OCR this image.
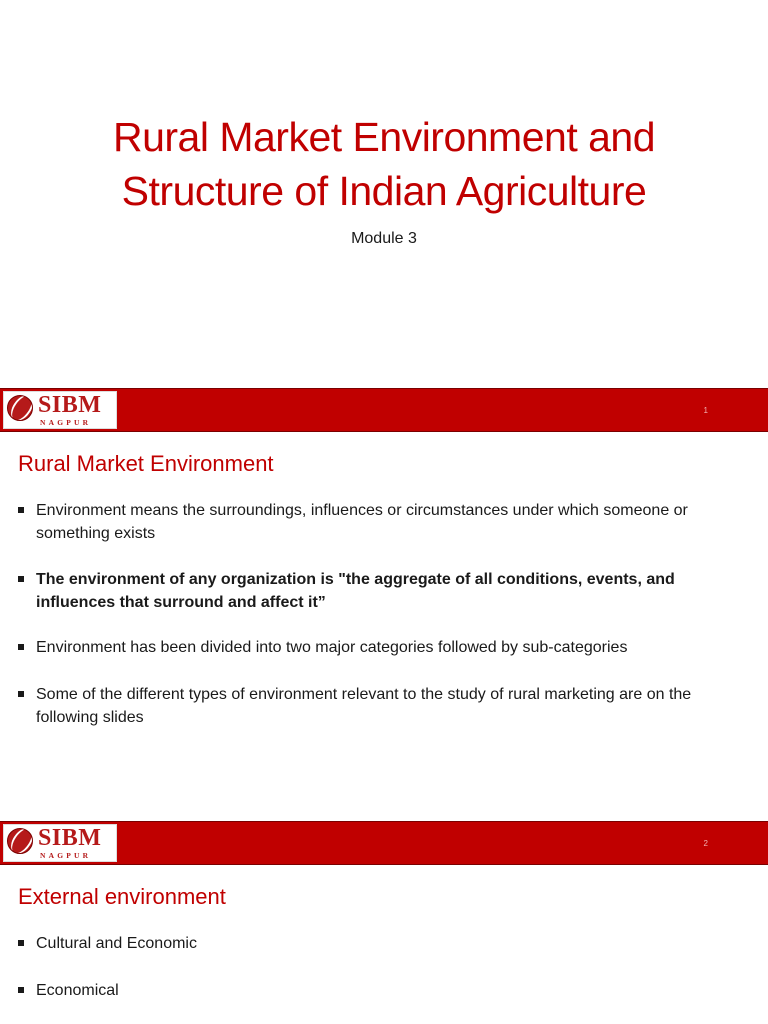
Rural Market Environment and
Structure of Indian Agriculture
Module 3
SIBM
NAGPUR
1
Rural Market Environment
Environment means the surroundings, influences or circumstances under which someone or something exists
The environment of any organization is "the aggregate of all conditions, events, and influences that surround and affect it”
Environment has been divided into two major categories followed by sub-categories
Some of the different types of environment relevant to the study of rural marketing are on the following slides
SIBM
NAGPUR
2
External environment
Cultural and Economic
Economical
